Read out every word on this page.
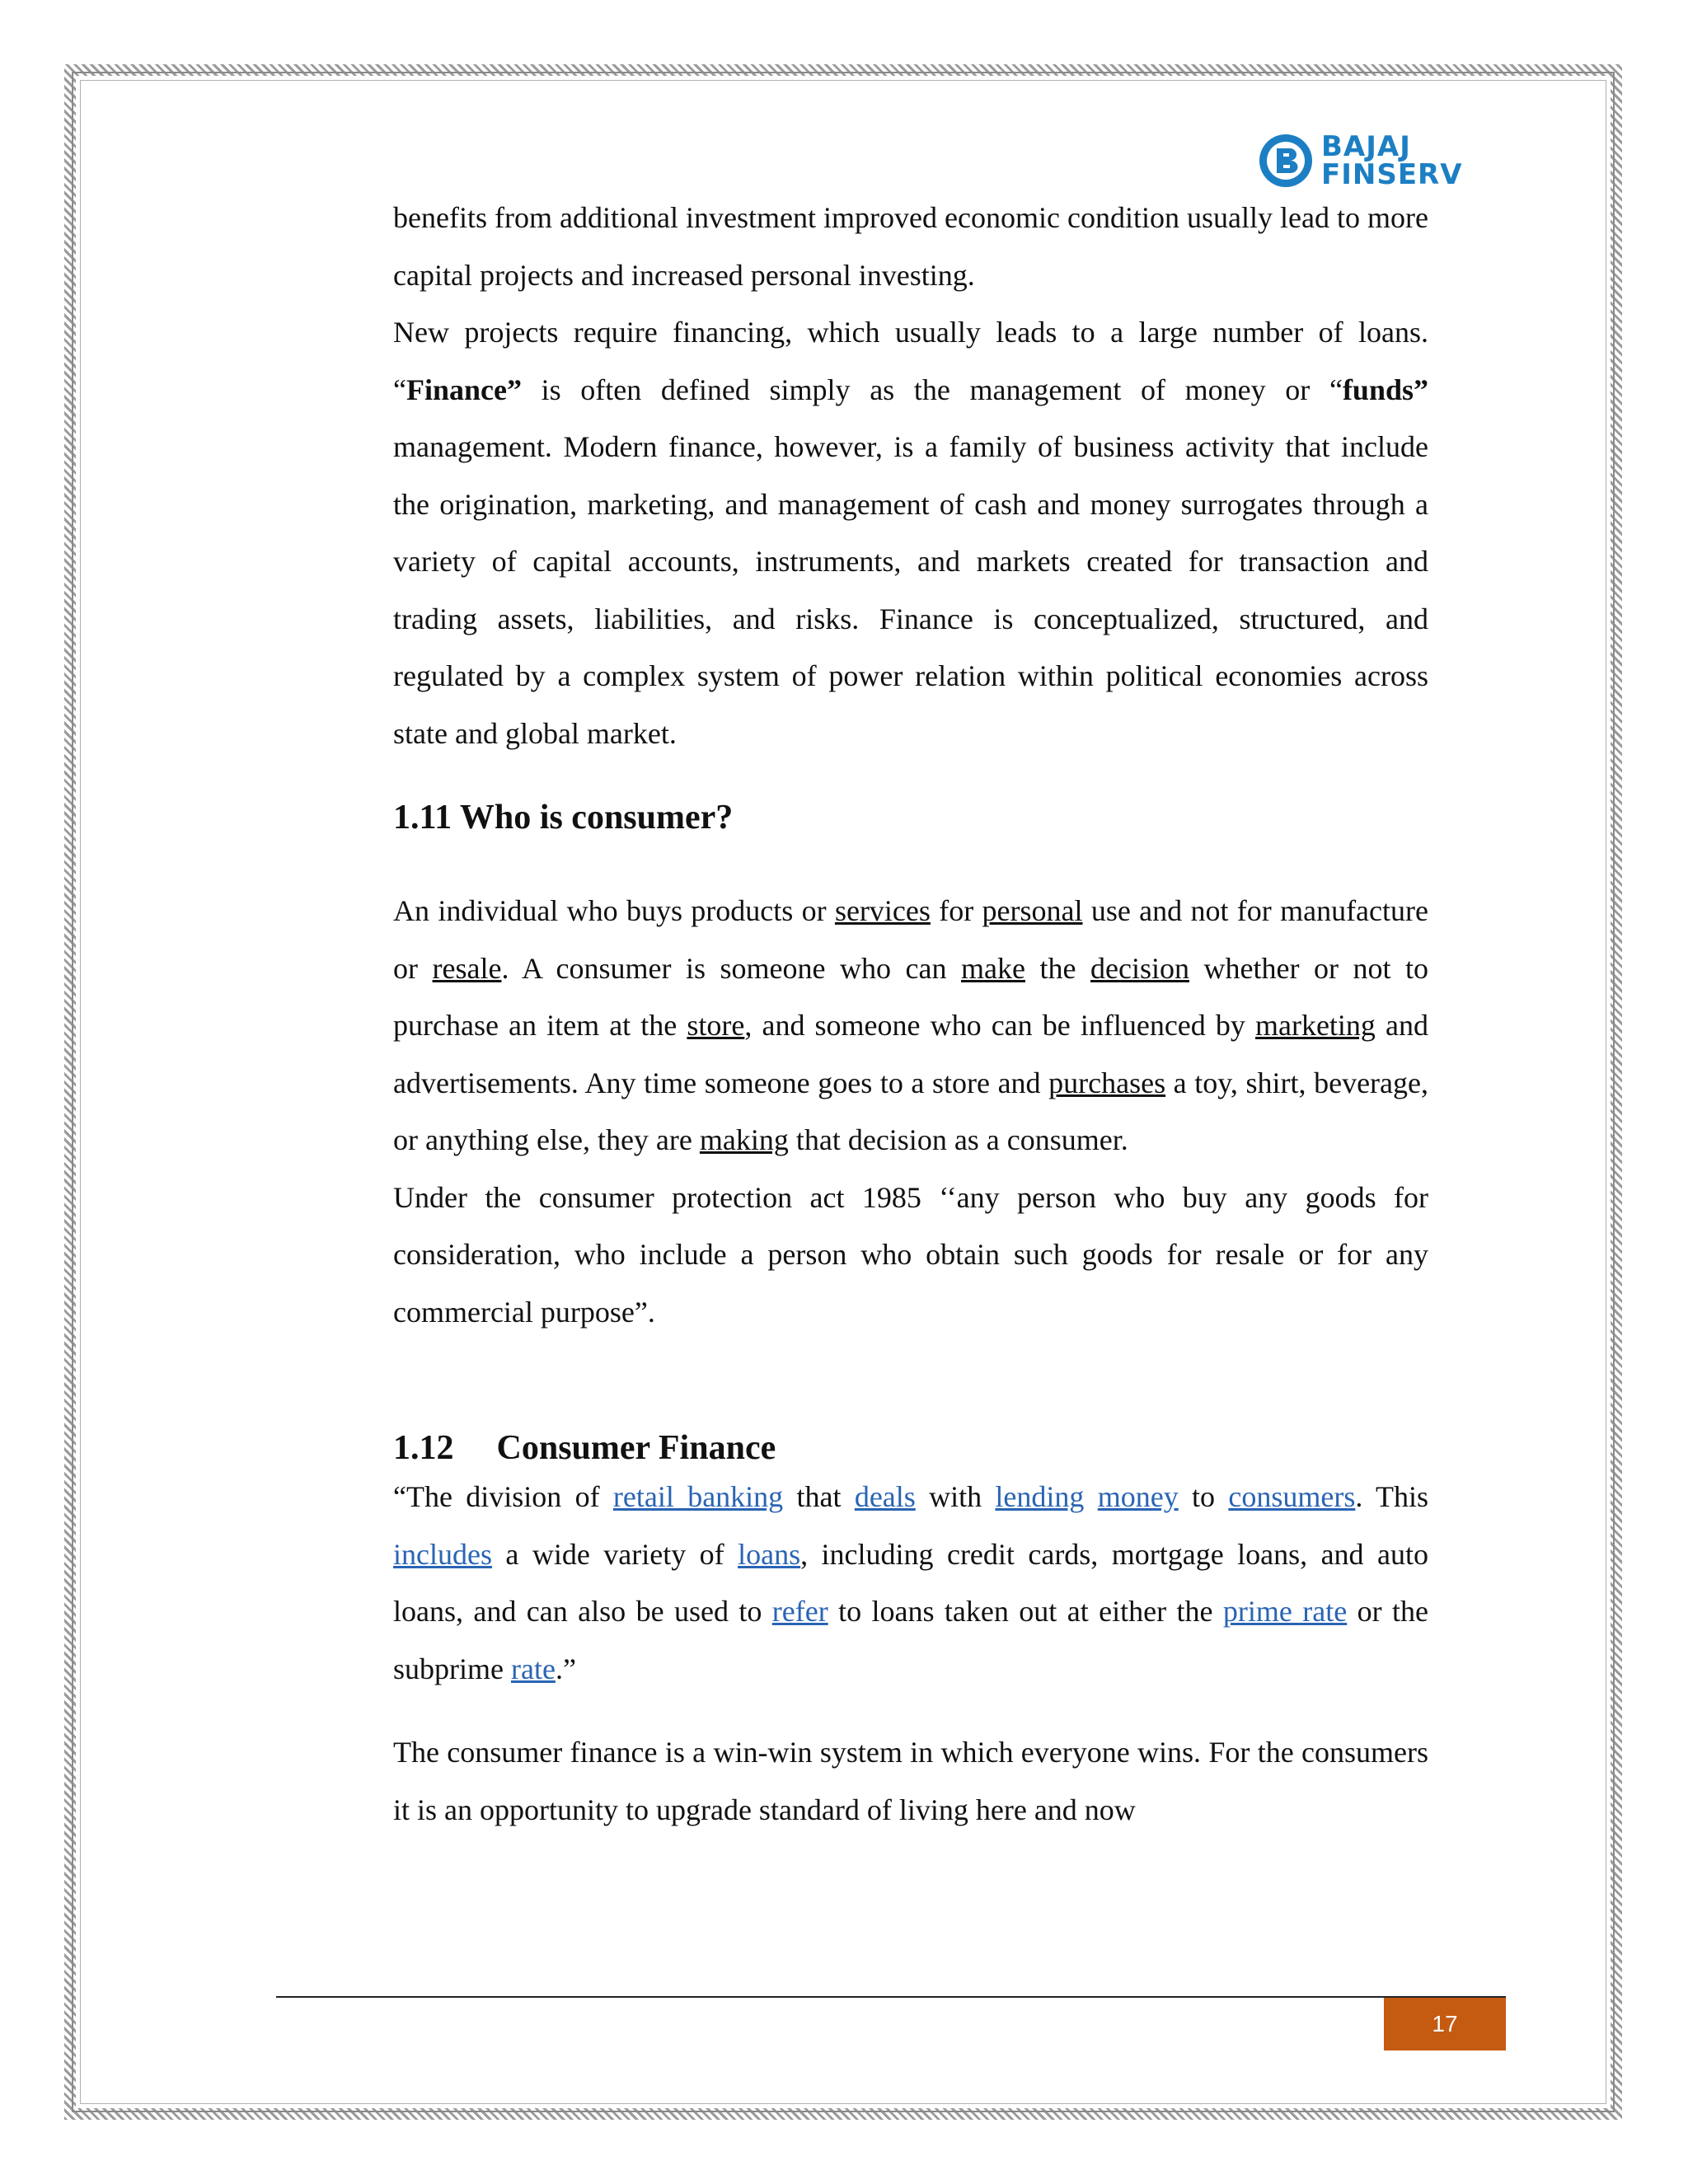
BAJAJ
FINSERV

benefits from additional investment improved economic condition usually lead to more capital projects and increased personal investing.

New projects require financing, which usually leads to a large number of loans. “Finance” is often defined simply as the management of money or “funds” management. Modern finance, however, is a family of business activity that include the origination, marketing, and management of cash and money surrogates through a variety of capital accounts, instruments, and markets created for transaction and trading assets, liabilities, and risks. Finance is conceptualized, structured, and regulated by a complex system of power relation within political economies across state and global market.

1.11 Who is consumer?

An individual who buys products or services for personal use and not for manufacture or resale. A consumer is someone who can make the decision whether or not to purchase an item at the store, and someone who can be influenced by marketing and advertisements. Any time someone goes to a store and purchases a toy, shirt, beverage, or anything else, they are making that decision as a consumer.

Under the consumer protection act 1985 ‘‘any person who buy any goods for consideration, who include a person who obtain such goods for resale or for any commercial purpose”.

1.12 Consumer Finance

“The division of retail banking that deals with lending money to consumers. This includes a wide variety of loans, including credit cards, mortgage loans, and auto loans, and can also be used to refer to loans taken out at either the prime rate or the subprime rate.”

The consumer finance is a win-win system in which everyone wins. For the consumers it is an opportunity to upgrade standard of living here and now

17
